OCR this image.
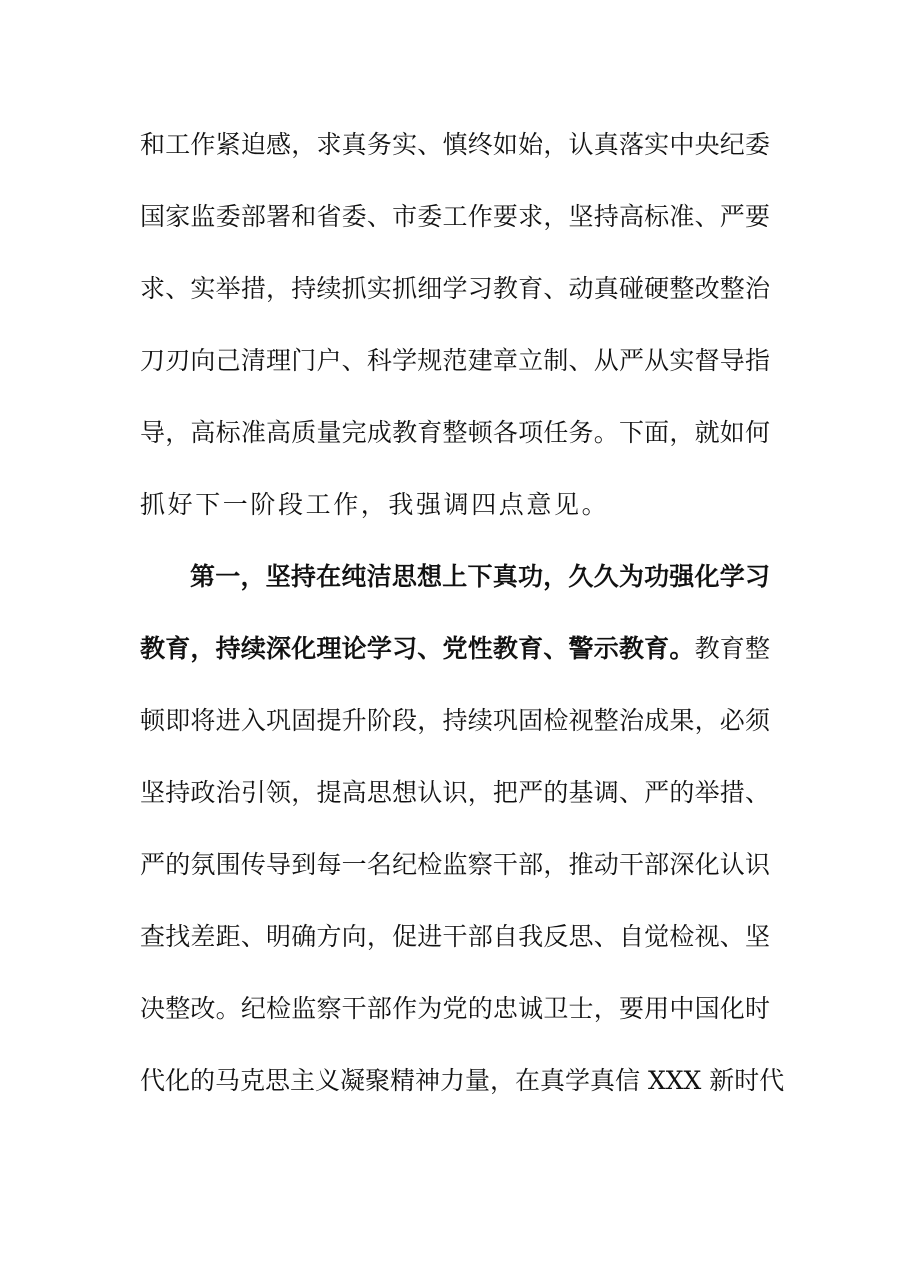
和工作紧迫感，求真务实、慎终如始，认真落实中央纪委
国家监委部署和省委、市委工作要求，坚持高标准、严要
求、实举措，持续抓实抓细学习教育、动真碰硬整改整治
刀刃向己清理门户、科学规范建章立制、从严从实督导指
导，高标准高质量完成教育整顿各项任务。下面，就如何
抓好下一阶段工作，我强调四点意见。
第一，坚持在纯洁思想上下真功，久久为功强化学习
教育，持续深化理论学习、党性教育、警示教育。教育整
顿即将进入巩固提升阶段，持续巩固检视整治成果，必须
坚持政治引领，提高思想认识，把严的基调、严的举措、
严的氛围传导到每一名纪检监察干部，推动干部深化认识
查找差距、明确方向，促进干部自我反思、自觉检视、坚
决整改。纪检监察干部作为党的忠诚卫士，要用中国化时
代化的马克思主义凝聚精神力量，在真学真信 XXX 新时代
